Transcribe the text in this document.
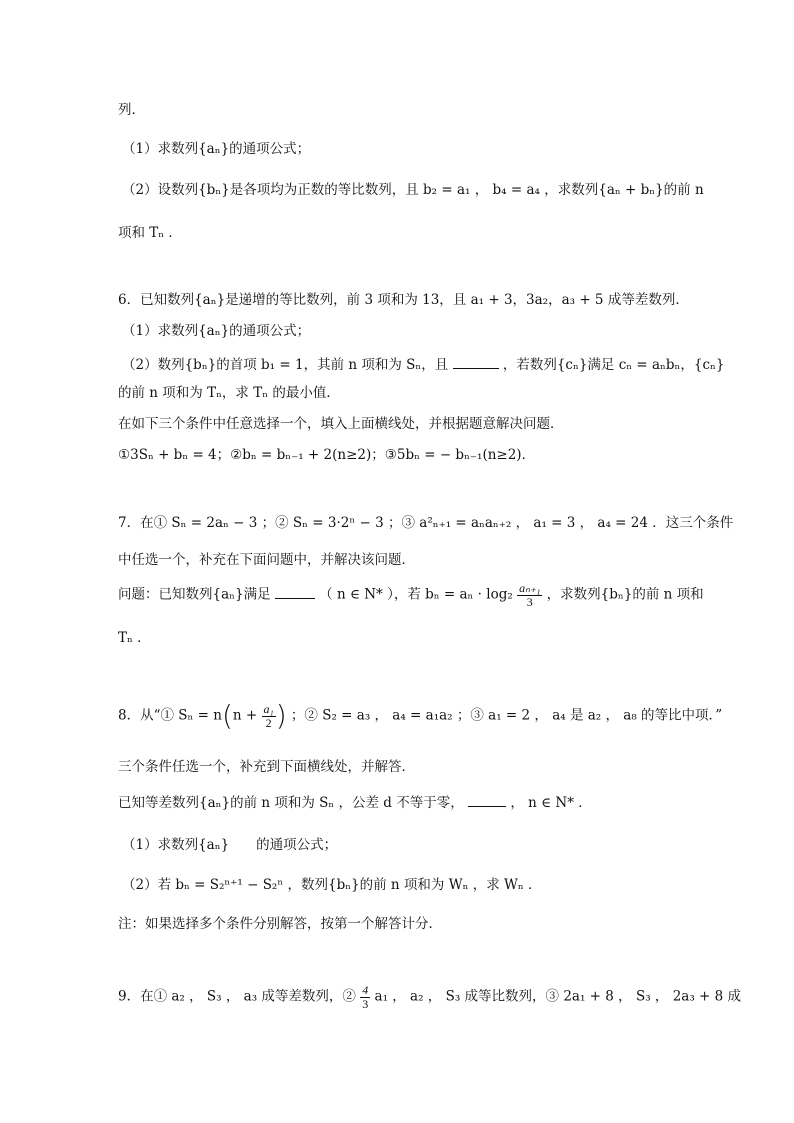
列．
（1）求数列{aₙ}的通项公式；
（2）设数列{bₙ}是各项均为正数的等比数列，且 b₂ = a₁ ， b₄ = a₄ ，求数列{aₙ + bₙ}的前 n
项和 Tₙ ．
6．已知数列{aₙ}是递增的等比数列，前 3 项和为 13，且 a₁ + 3，3a₂，a₃ + 5 成等差数列．
（1）求数列{aₙ}的通项公式；
（2）数列{bₙ}的首项 b₁ = 1，其前 n 项和为 Sₙ，且	，若数列{cₙ}满足 cₙ = aₙbₙ，{cₙ}
的前 n 项和为 Tₙ，求 Tₙ 的最小值．
在如下三个条件中任意选择一个，填入上面横线处，并根据题意解决问题．
①3Sₙ + bₙ = 4；②bₙ = bₙ₋₁ + 2(n≥2)；③5bₙ = − bₙ₋₁(n≥2)．
7．在① Sₙ = 2aₙ − 3 ；② Sₙ = 3·2ⁿ − 3 ；③ a²ₙ₊₁ = aₙaₙ₊₂ ， a₁ = 3 ， a₄ = 24 ．这三个条件
中任选一个，补充在下面问题中，并解决该问题．
问题：已知数列{aₙ}满足	（ n ∈ N* ），若 $b_n = a_n \cdot \log_2 \frac{\text{aₙ₊₁}}{3}$ ，求数列{bₙ}的前 n 项和
Tₙ ．
8．从“① $S_n = n(n + \frac{\text{a₁}}{2}$ ) ；② S₂ = a₃ ， a₄ = a₁a₂ ；③ a₁ = 2 ， a₄ 是 a₂ ， a₈ 的等比中项．”
三个条件任选一个，补充到下面横线处，并解答．
已知等差数列{aₙ}的前 n 项和为 Sₙ ，公差 d 不等于零，	， n ∈ N* ．
（1）求数列{aₙ}　　的通项公式；
（2）若 bₙ = S₂ⁿ⁺¹ − S₂ⁿ ，数列{bₙ}的前 n 项和为 Wₙ ，求 Wₙ ．
注：如果选择多个条件分别解答，按第一个解答计分．
9．在① a₂ ， S₃ ， a₃ 成等差数列，② $\frac{4}{3} a_1$ ， a₂ ， S₃ 成等比数列，③ 2a₁ + 8 ， S₃ ， 2a₃ + 8 成
